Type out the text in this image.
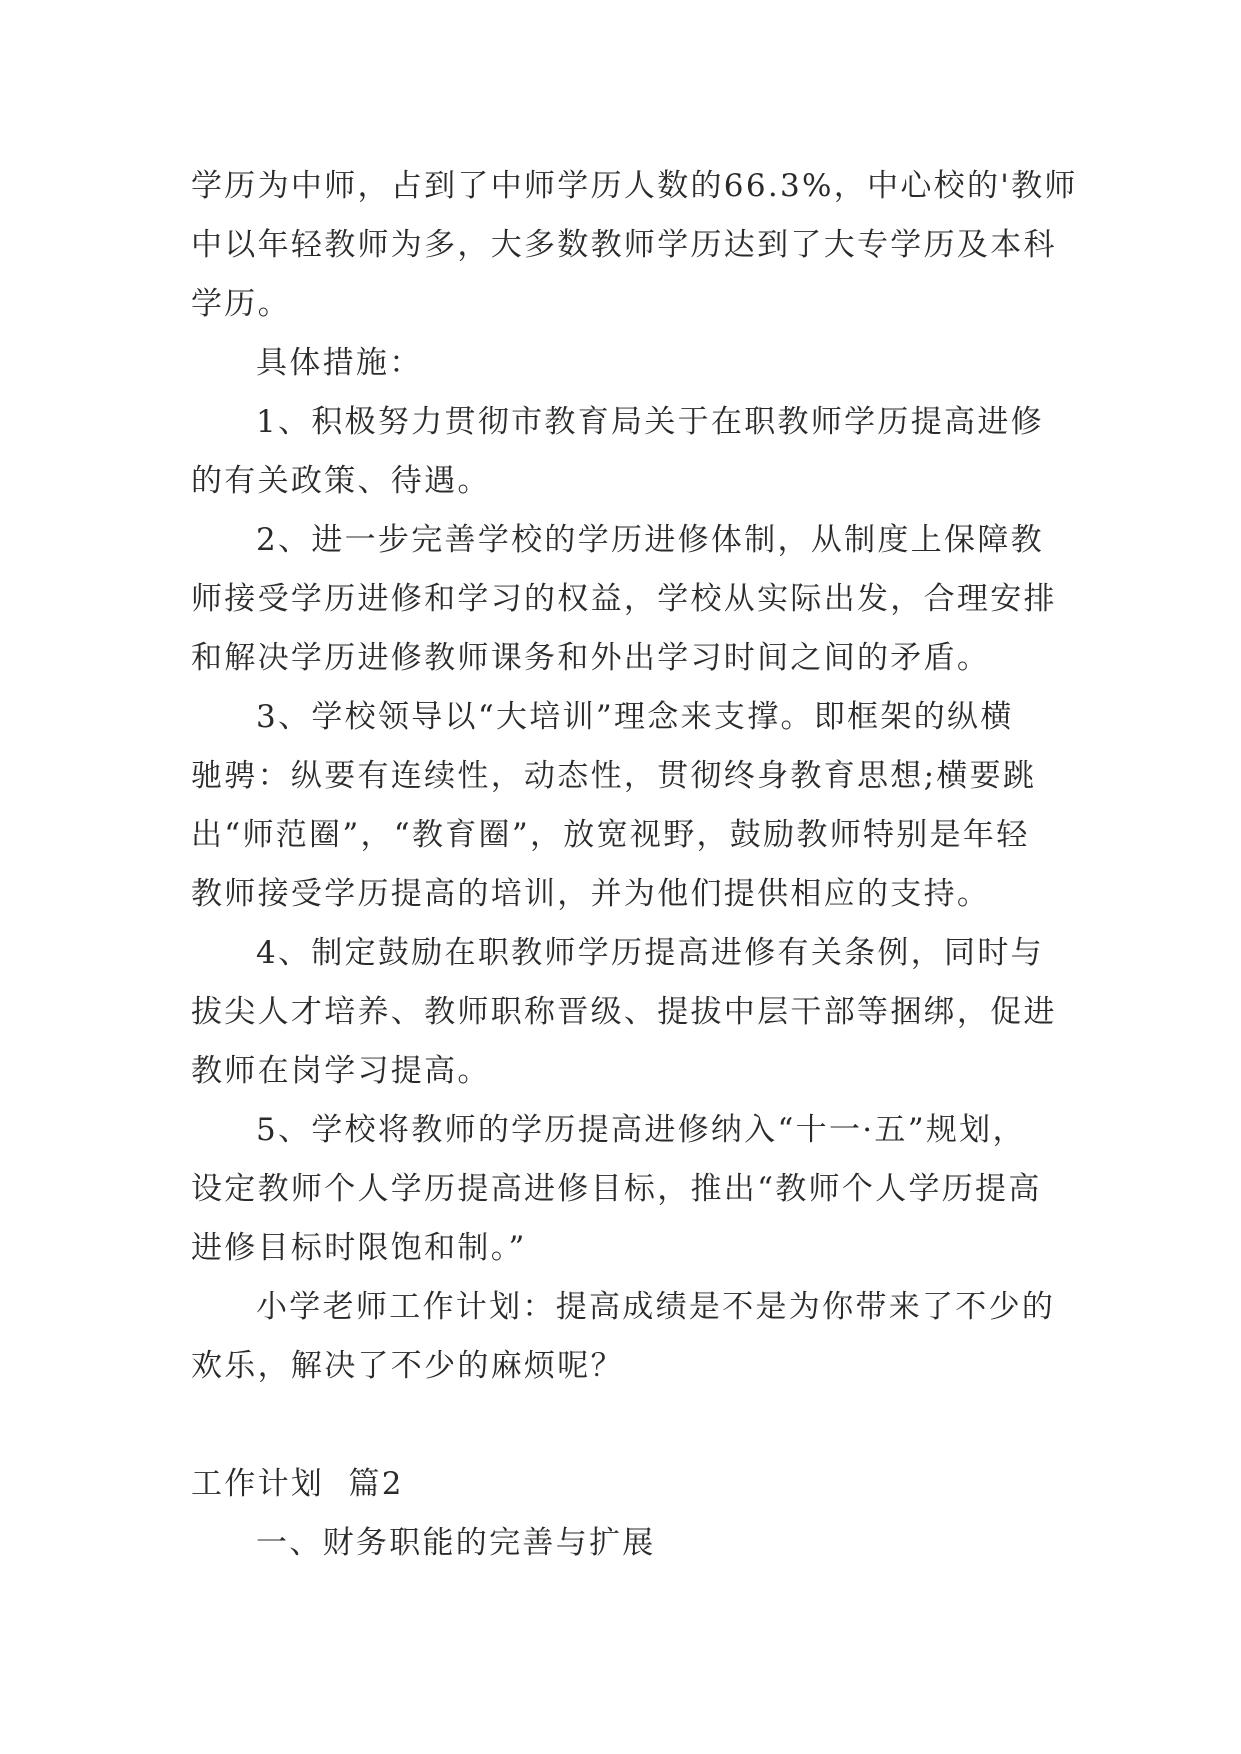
学历为中师，占到了中师学历人数的66.3%，中心校的'教师
中以年轻教师为多，大多数教师学历达到了大专学历及本科
学历。

具体措施：

1、积极努力贯彻市教育局关于在职教师学历提高进修
的有关政策、待遇。

2、进一步完善学校的学历进修体制，从制度上保障教
师接受学历进修和学习的权益，学校从实际出发，合理安排
和解决学历进修教师课务和外出学习时间之间的矛盾。

3、学校领导以“大培训”理念来支撑。即框架的纵横
驰骋：纵要有连续性，动态性，贯彻终身教育思想;横要跳
出“师范圈”，“教育圈”，放宽视野，鼓励教师特别是年轻
教师接受学历提高的培训，并为他们提供相应的支持。

4、制定鼓励在职教师学历提高进修有关条例，同时与
拔尖人才培养、教师职称晋级、提拔中层干部等捆绑，促进
教师在岗学习提高。

5、学校将教师的学历提高进修纳入“十一·五”规划，
设定教师个人学历提高进修目标，推出“教师个人学历提高
进修目标时限饱和制。”

小学老师工作计划：提高成绩是不是为你带来了不少的
欢乐，解决了不少的麻烦呢？

工作计划  篇2

一、财务职能的完善与扩展
